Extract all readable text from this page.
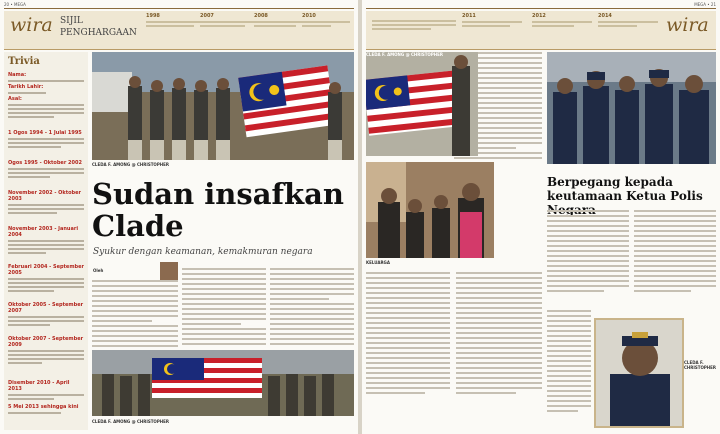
20 • MEGA
wira SIJIL
PENGHARGAAN
1998	2007	2008	2010
Trivia
Nama:
Tarikh Lahir:
Asal:
1 Ogos 1994 - 1 Julai 1995
Ogos 1995 - Oktober 2002
November 2002 - Oktober 2003
November 2003 - Januari 2004
Februari 2004 - September 2005
Oktober 2005 - September 2007
Oktober 2007 - September 2009
Disember 2010 - April 2013
5 Mei 2013 sehingga kini
CLEDA F. AMONG @ CHRISTOPHER
Sudan insafkan Clade
Syukur dengan keamanan, kemakmuran negara
Oleh
CLEDA F. AMONG @ CHRISTOPHER
MEGA • 21
2011	2012	2014	wira
CLEDA F. AMONG @ CHRISTOPHER
KELUARGA
Berpegang kepada keutamaan Ketua Polis
CLEDA F. CHRISTOPHER
